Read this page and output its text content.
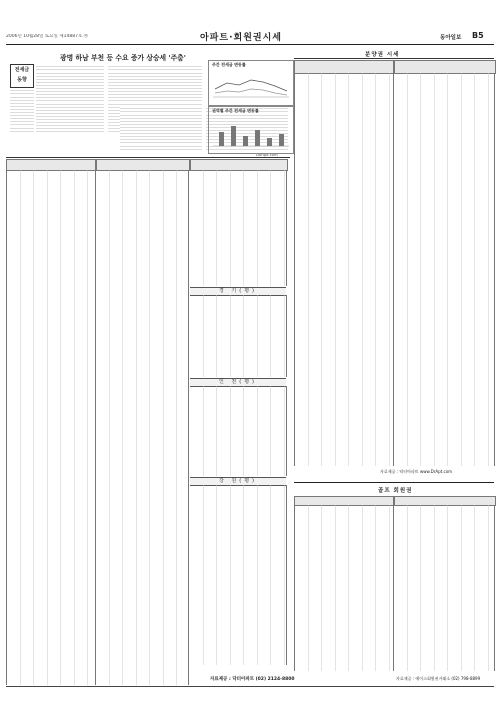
2006년 10월28일 토요일 제14887호 ㉮	아파트·회원권시세	동아일보 B5
광명 하남 부천 등 수요 증가 상승세 '주춤'
전세금
동향
Donga.com
주간 전세금 변동률
권역별 주간 전세금 변동률
경 기(평)
인 천(평)
강 원(평)
자료제공 : 닥터아파트 (02) 2124-8800
분양권 시세
자료제공 : 닥터아파트 www.DrApt.com
골프 회원권
자료제공 : 에이스회원권거래소 (02) 798-8899
